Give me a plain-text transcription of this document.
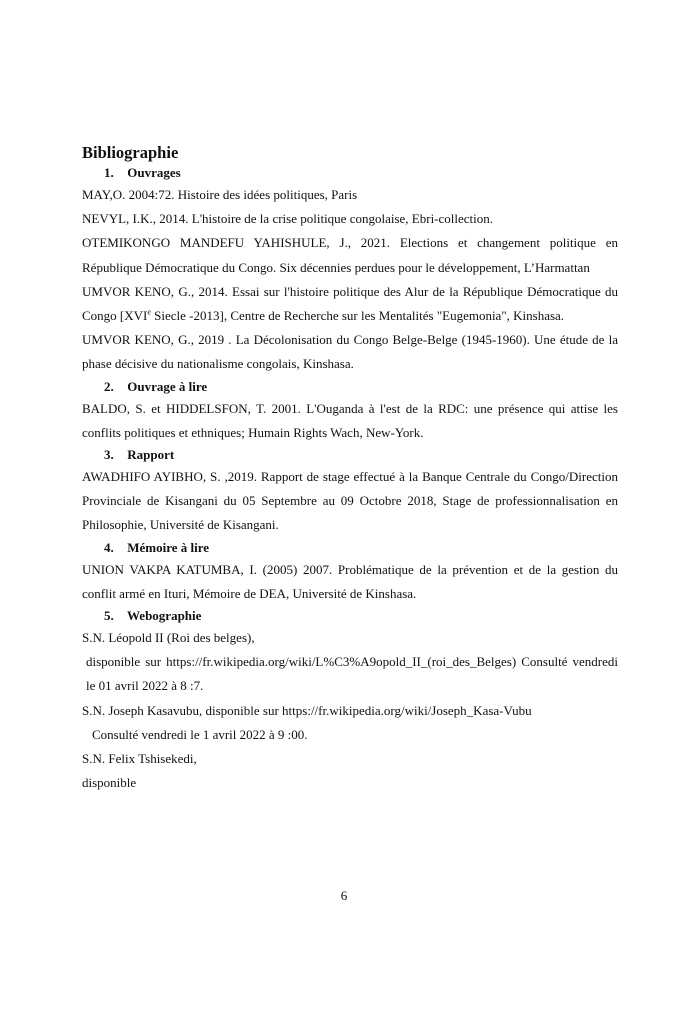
Bibliographie

1. Ouvrages

MAY,O. 2004:72. Histoire des idées politiques, Paris

NEVYL, I.K., 2014. L'histoire de la crise politique congolaise, Ebri-collection.

OTEMIKONGO MANDEFU YAHISHULE, J., 2021. Elections et changement politique en République Démocratique du Congo. Six décennies perdues pour le développement, L’Harmattan

UMVOR KENO, G., 2014. Essai sur l'histoire politique des Alur de la République Démocratique du Congo [XVIe Siecle -2013], Centre de Recherche sur les Mentalités "Eugemonia", Kinshasa.

UMVOR KENO, G., 2019 . La Décolonisation du Congo Belge-Belge (1945-1960). Une étude de la phase décisive du nationalisme congolais, Kinshasa.

2. Ouvrage à lire

BALDO, S. et HIDDELSFON, T. 2001. L'Ouganda à l'est de la RDC: une présence qui attise les conflits politiques et ethniques; Humain Rights Wach, New-York.

3. Rapport

AWADHIFO AYIBHO, S. ,2019. Rapport de stage effectué à la Banque Centrale du Congo/Direction Provinciale de Kisangani du 05 Septembre au 09 Octobre 2018, Stage de professionnalisation en Philosophie, Université de Kisangani.

4. Mémoire à lire

UNION VAKPA KATUMBA, I. (2005) 2007. Problématique de la prévention et de la gestion du conflit armé en Ituri, Mémoire de DEA, Université de Kinshasa.

5. Webographie

S.N. Léopold II (Roi des belges),

disponible sur https://fr.wikipedia.org/wiki/L%C3%A9opold_II_(roi_des_Belges) Consulté vendredi le 01 avril 2022 à 8 :7.

S.N. Joseph Kasavubu, disponible sur https://fr.wikipedia.org/wiki/Joseph_Kasa-Vubu

Consulté vendredi le 1 avril 2022 à 9 :00.

S.N. Felix Tshisekedi,

disponible

6
